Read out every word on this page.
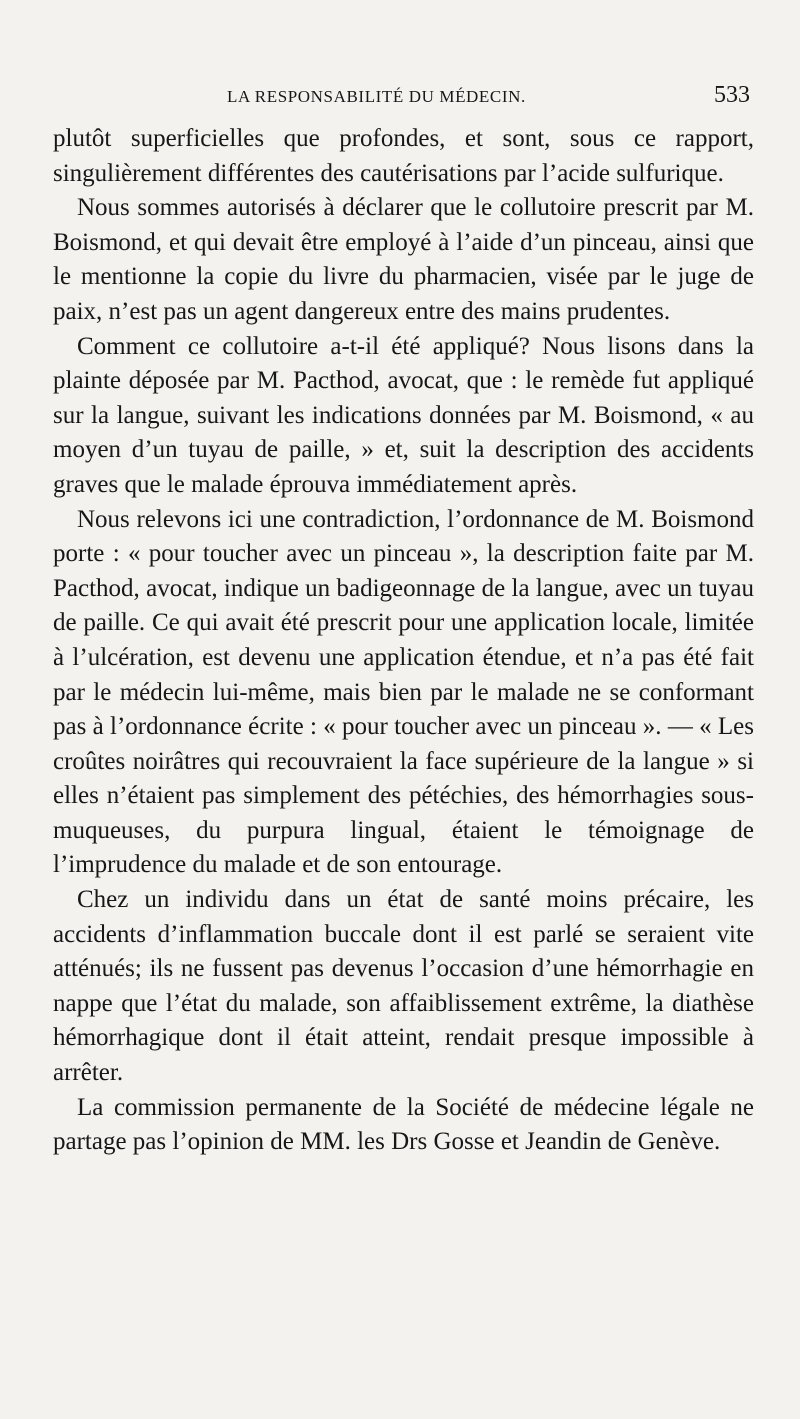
LA RESPONSABILITÉ DU MÉDECIN.	533

plutôt superficielles que profondes, et sont, sous ce rapport, singulièrement différentes des cautérisations par l’acide sulfurique.

Nous sommes autorisés à déclarer que le collutoire prescrit par M. Boismond, et qui devait être employé à l’aide d’un pinceau, ainsi que le mentionne la copie du livre du pharmacien, visée par le juge de paix, n’est pas un agent dangereux entre des mains prudentes.

Comment ce collutoire a-t-il été appliqué? Nous lisons dans la plainte déposée par M. Pacthod, avocat, que : le remède fut appliqué sur la langue, suivant les indications données par M. Boismond, « au moyen d’un tuyau de paille, » et, suit la description des accidents graves que le malade éprouva immédiatement après.

Nous relevons ici une contradiction, l’ordonnance de M. Boismond porte : « pour toucher avec un pinceau », la description faite par M. Pacthod, avocat, indique un badigeonnage de la langue, avec un tuyau de paille. Ce qui avait été prescrit pour une application locale, limitée à l’ulcération, est devenu une application étendue, et n’a pas été fait par le médecin lui-même, mais bien par le malade ne se conformant pas à l’ordonnance écrite : « pour toucher avec un pinceau ». — « Les croûtes noirâtres qui recouvraient la face supérieure de la langue » si elles n’étaient pas simplement des pétéchies, des hémorrhagies sous-muqueuses, du purpura lingual, étaient le témoignage de l’imprudence du malade et de son entourage.

Chez un individu dans un état de santé moins précaire, les accidents d’inflammation buccale dont il est parlé se seraient vite atténués; ils ne fussent pas devenus l’occasion d’une hémorrhagie en nappe que l’état du malade, son affaiblissement extrême, la diathèse hémorrhagique dont il était atteint, rendait presque impossible à arrêter.

La commission permanente de la Société de médecine légale ne partage pas l’opinion de MM. les Drs Gosse et Jeandin de Genève.
